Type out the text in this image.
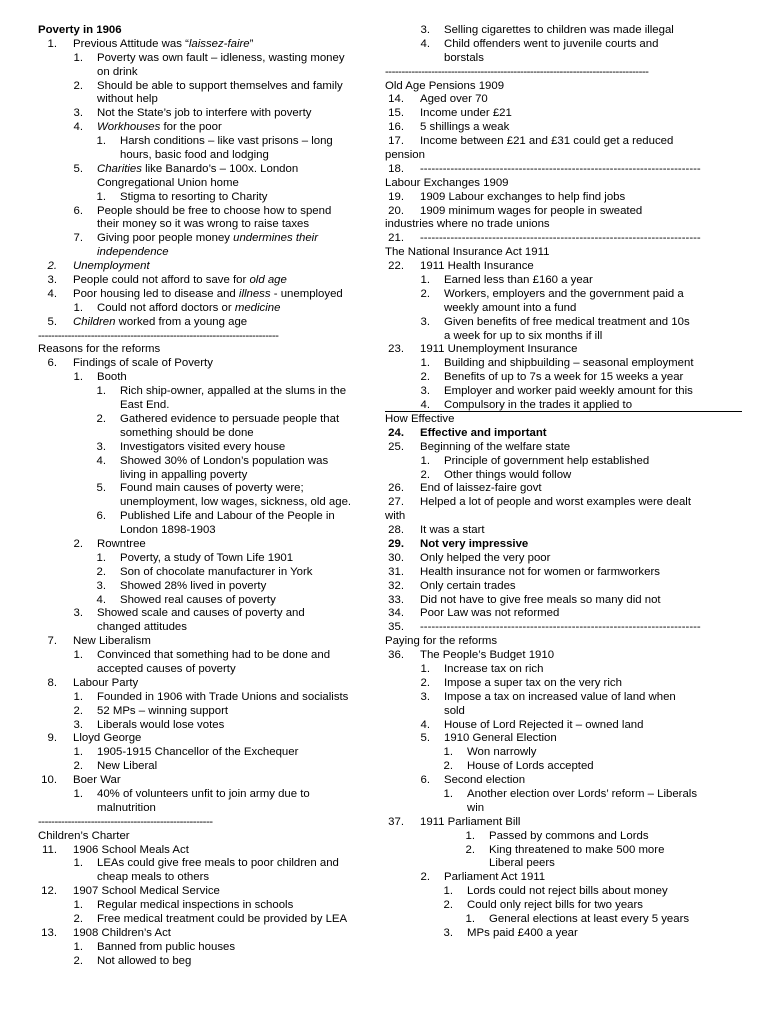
Poverty in 1906
1. Previous Attitude was “laissez-faire”
1. Poverty was own fault – idleness, wasting money
on drink
2. Should be able to support themselves and family
without help
3. Not the State’s job to interfere with poverty
4. Workhouses for the poor
1. Harsh conditions – like vast prisons – long
hours, basic food and lodging
5. Charities like Banardo’s – 100x. London
Congregational Union home
1. Stigma to resorting to Charity
6. People should be free to choose how to spend
their money so it was wrong to raise taxes
7. Giving poor people money undermines their
independence
2. Unemployment
3. People could not afford to save for old age
4. Poor housing led to disease and illness - unemployed
1. Could not afford doctors or medicine
5. Children worked from a young age
-------------------------------------------------------------------------
Reasons for the reforms
6. Findings of scale of Poverty
1. Booth
1. Rich ship-owner, appalled at the slums in the
East End.
2. Gathered evidence to persuade people that
something should be done
3. Investigators visited every house
4. Showed 30% of London’s population was
living in appalling poverty
5. Found main causes of poverty were;
unemployment, low wages, sickness, old age.
6. Published Life and Labour of the People in
London 1898-1903
2. Rowntree
1. Poverty, a study of Town Life 1901
2. Son of chocolate manufacturer in York
3. Showed 28% lived in poverty
4. Showed real causes of poverty
3. Showed scale and causes of poverty and
changed attitudes
7. New Liberalism
1. Convinced that something had to be done and
accepted causes of poverty
8. Labour Party
1. Founded in 1906 with Trade Unions and socialists
2. 52 MPs – winning support
3. Liberals would lose votes
9. Lloyd George
1. 1905-1915 Chancellor of the Exchequer
2. New Liberal
10. Boer War
1. 40% of volunteers unfit to join army due to
malnutrition
-----------------------------------------------------
Children’s Charter
11. 1906 School Meals Act
1. LEAs could give free meals to poor children and
cheap meals to others
12. 1907 School Medical Service
1. Regular medical inspections in schools
2. Free medical treatment could be provided by LEA
13. 1908 Children’s Act
1. Banned from public houses
2. Not allowed to beg
3. Selling cigarettes to children was made illegal
4. Child offenders went to juvenile courts and
borstals
--------------------------------------------------------------------------------
Old Age Pensions 1909
14. Aged over 70
15. Income under £21
16. 5 shillings a weak
17. Income between £21 and £31 could get a reduced
pension
18. --------------------------------------------------------------------------
Labour Exchanges 1909
19. 1909 Labour exchanges to help find jobs
20. 1909 minimum wages for people in sweated
industries where no trade unions
21. --------------------------------------------------------------------------
The National Insurance Act 1911
22. 1911 Health Insurance
1. Earned less than £160 a year
2. Workers, employers and the government paid a
weekly amount into a fund
3. Given benefits of free medical treatment and 10s
a week for up to six months if ill
23. 1911 Unemployment Insurance
1. Building and shipbuilding – seasonal employment
2. Benefits of up to 7s a week for 15 weeks a year
3. Employer and worker paid weekly amount for this
4. Compulsory in the trades it applied to
How Effective
24. Effective and important
25. Beginning of the welfare state
1. Principle of government help established
2. Other things would follow
26. End of laissez-faire govt
27. Helped a lot of people and worst examples were dealt
with
28. It was a start
29. Not very impressive
30. Only helped the very poor
31. Health insurance not for women or farmworkers
32. Only certain trades
33. Did not have to give free meals so many did not
34. Poor Law was not reformed
35. --------------------------------------------------------------------------
Paying for the reforms
36. The People’s Budget 1910
1. Increase tax on rich
2. Impose a super tax on the very rich
3. Impose a tax on increased value of land when
sold
4. House of Lord Rejected it – owned land
5. 1910 General Election
1. Won narrowly
2. House of Lords accepted
6. Second election
1. Another election over Lords’ reform – Liberals
win
37. 1911 Parliament Bill
1. Passed by commons and Lords
2. King threatened to make 500 more
Liberal peers
2. Parliament Act 1911
1. Lords could not reject bills about money
2. Could only reject bills for two years
1. General elections at least every 5 years
3. MPs paid £400 a year
